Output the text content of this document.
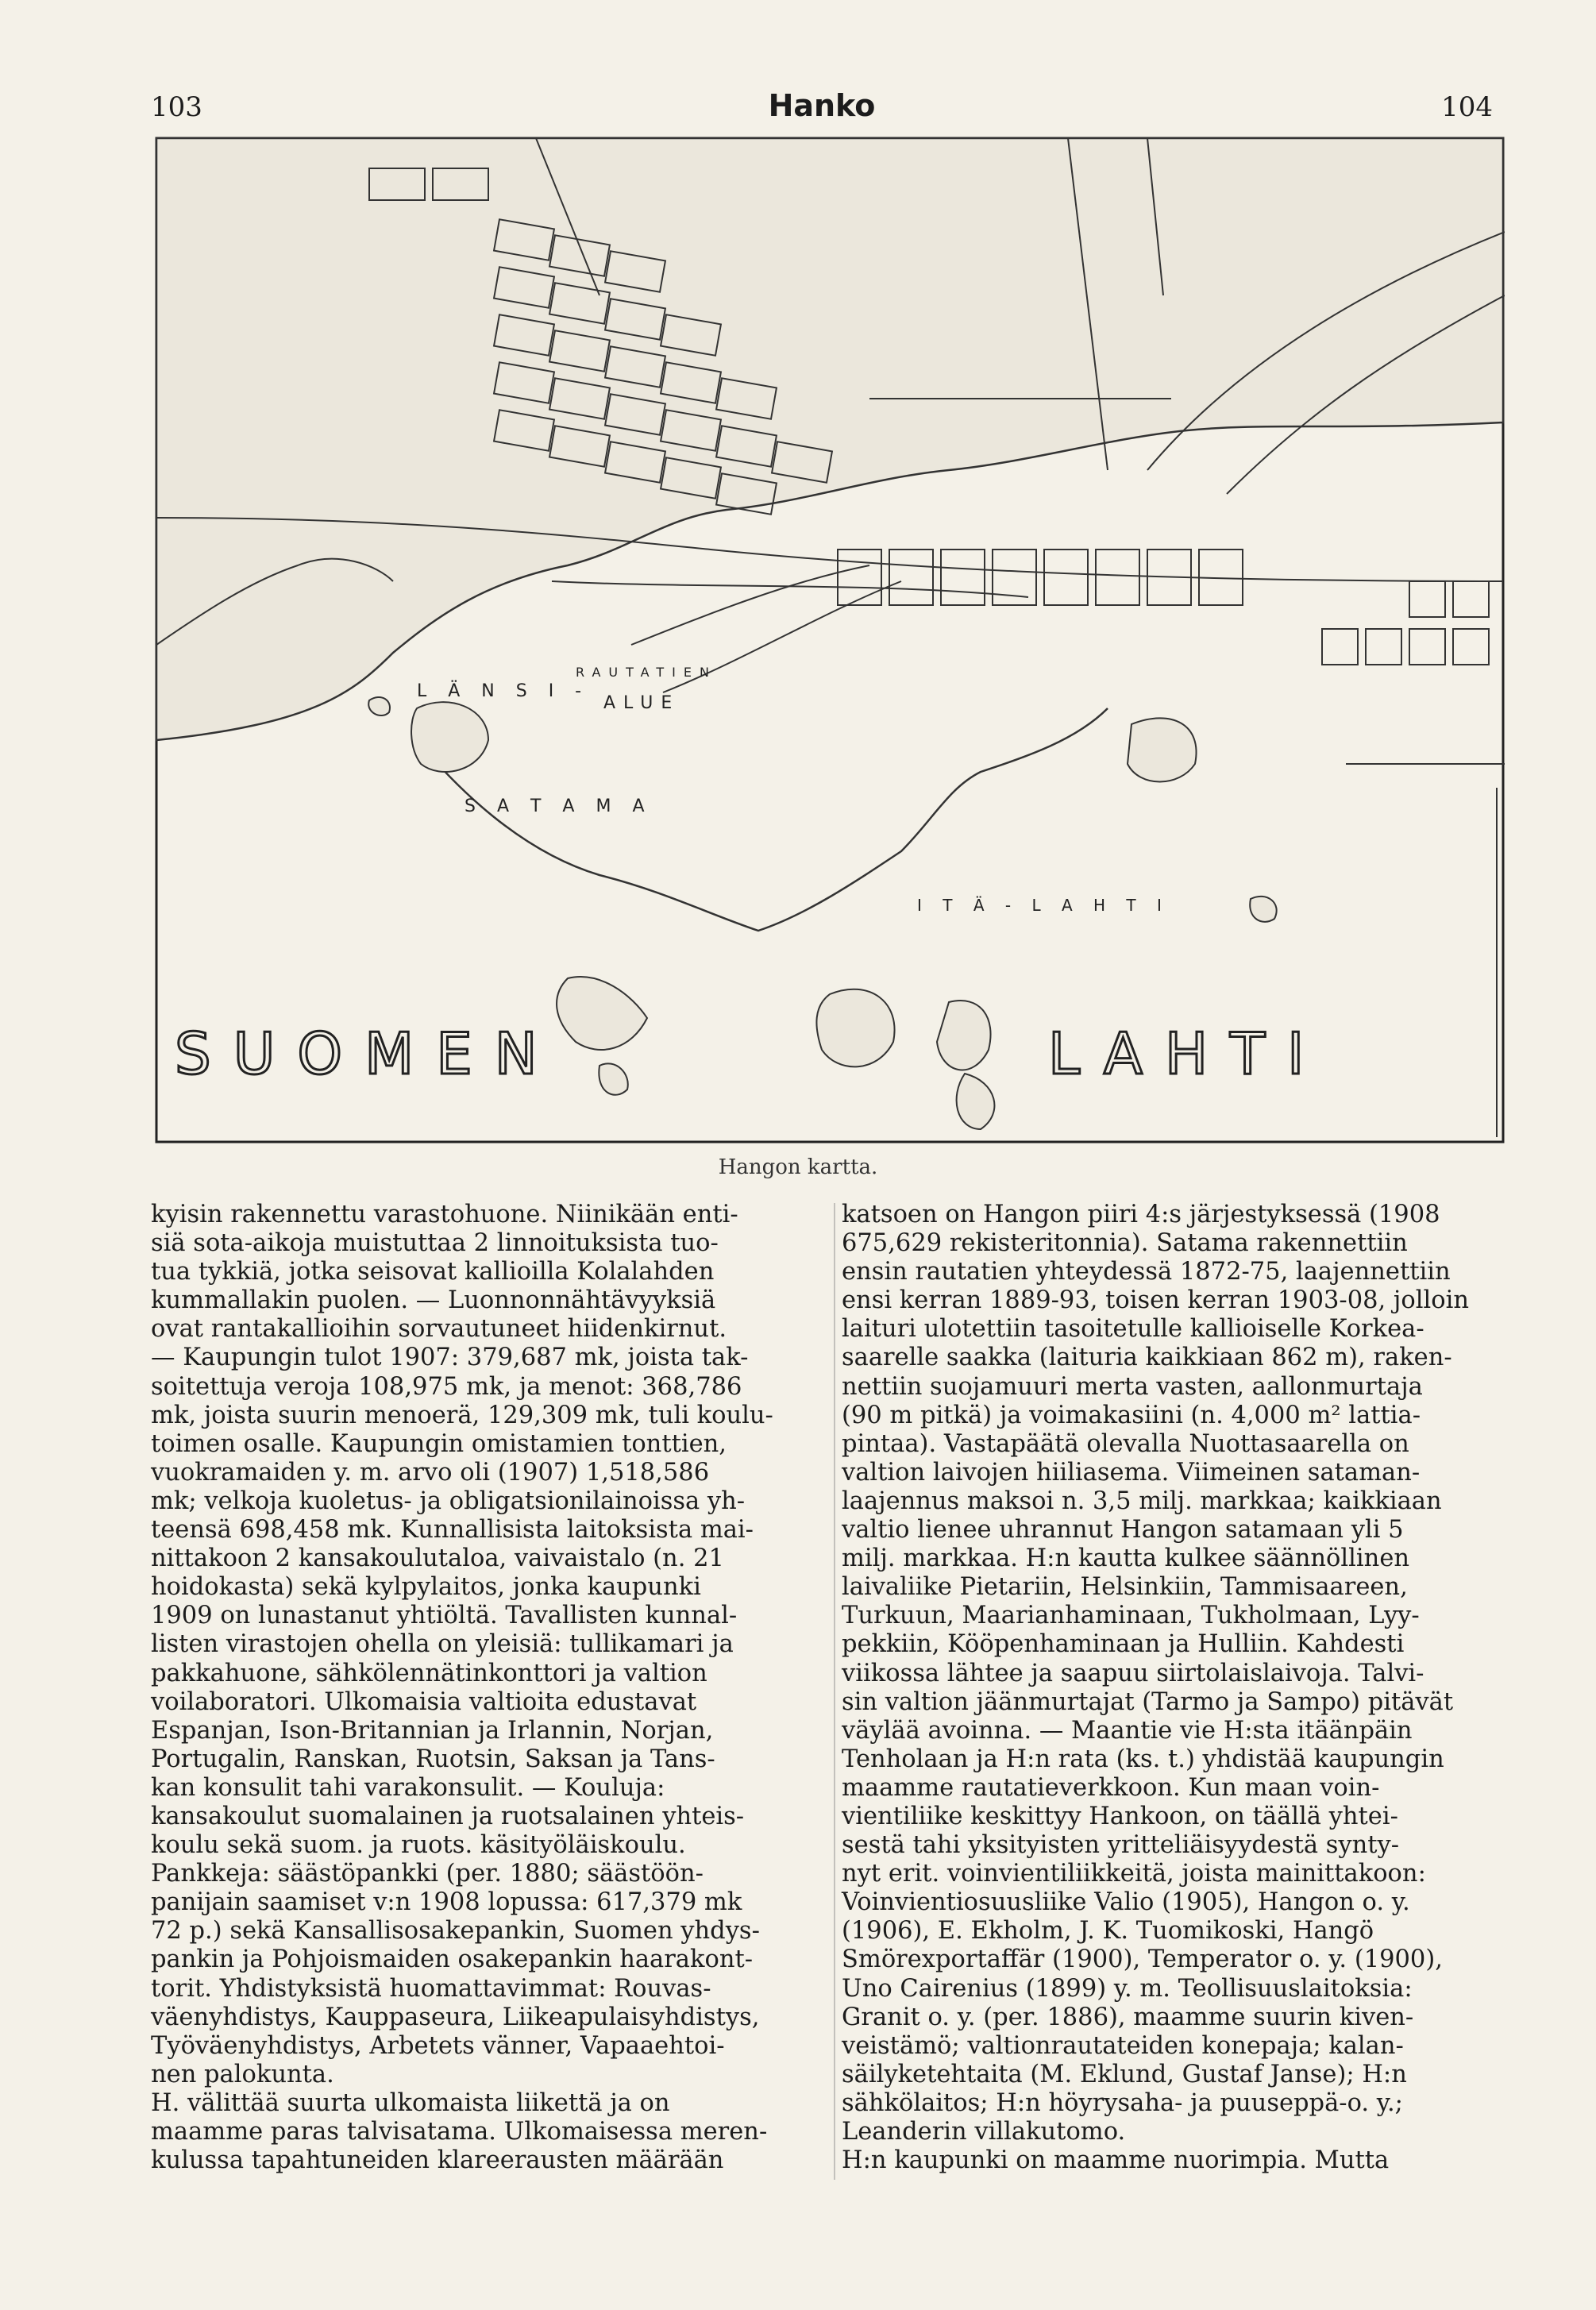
103	Hanko	104
L Ä N S I -
S A T A M A
RAUTATIEN
ALUE
I T Ä - L A H T I
SUOMEN	LAHTI
Hangon kartta.
kyisin rakennettu varastohuone. Niinikään enti-
siä sota-aikoja muistuttaa 2 linnoituksista tuo-
tua tykkiä, jotka seisovat kallioilla Kolalahden
kummallakin puolen. — Luonnonnähtävyyksiä
ovat rantakallioihin sorvautuneet hiidenkirnut.
— Kaupungin tulot 1907: 379,687 mk, joista tak-
soitettuja veroja 108,975 mk, ja menot: 368,786
mk, joista suurin menoerä, 129,309 mk, tuli koulu-
toimen osalle. Kaupungin omistamien tonttien,
vuokramaiden y. m. arvo oli (1907) 1,518,586
mk; velkoja kuoletus- ja obligatsionilainoissa yh-
teensä 698,458 mk. Kunnallisista laitoksista mai-
nittakoon 2 kansakoulutaloa, vaivaistalo (n. 21
hoidokasta) sekä kylpylaitos, jonka kaupunki
1909 on lunastanut yhtiöltä. Tavallisten kunnal-
listen virastojen ohella on yleisiä: tullikamari ja
pakkahuone, sähkölennätinkonttori ja valtion
voilaboratori. Ulkomaisia valtioita edustavat
Espanjan, Ison-Britannian ja Irlannin, Norjan,
Portugalin, Ranskan, Ruotsin, Saksan ja Tans-
kan konsulit tahi varakonsulit. — Kouluja:
kansakoulut suomalainen ja ruotsalainen yhteis-
koulu sekä suom. ja ruots. käsityöläiskoulu.
Pankkeja: säästöpankki (per. 1880; säästöön-
panijain saamiset v:n 1908 lopussa: 617,379 mk
72 p.) sekä Kansallisosakepankin, Suomen yhdys-
pankin ja Pohjoismaiden osakepankin haarakont-
torit. Yhdistyksistä huomattavimmat: Rouvas-
väenyhdistys, Kauppaseura, Liikeapulaisyhdistys,
Työväenyhdistys, Arbetets vänner, Vapaaehtoi-
nen palokunta.
H. välittää suurta ulkomaista liikettä ja on
maamme paras talvisatama. Ulkomaisessa meren-
kulussa tapahtuneiden klareerausten määrään
katsoen on Hangon piiri 4:s järjestyksessä (1908
675,629 rekisteritonnia). Satama rakennettiin
ensin rautatien yhteydessä 1872-75, laajennettiin
ensi kerran 1889-93, toisen kerran 1903-08, jolloin
laituri ulotettiin tasoitetulle kallioiselle Korkea-
saarelle saakka (laituria kaikkiaan 862 m), raken-
nettiin suojamuuri merta vasten, aallonmurtaja
(90 m pitkä) ja voimakasiini (n. 4,000 m² lattia-
pintaa). Vastapäätä olevalla Nuottasaarella on
valtion laivojen hiiliasema. Viimeinen sataman-
laajennus maksoi n. 3,5 milj. markkaa; kaikkiaan
valtio lienee uhrannut Hangon satamaan yli 5
milj. markkaa. H:n kautta kulkee säännöllinen
laivaliike Pietariin, Helsinkiin, Tammisaareen,
Turkuun, Maarianhaminaan, Tukholmaan, Lyy-
pekkiin, Kööpenhaminaan ja Hulliin. Kahdesti
viikossa lähtee ja saapuu siirtolaislaivoja. Talvi-
sin valtion jäänmurtajat (Tarmo ja Sampo) pitävät
väylää avoinna. — Maantie vie H:sta itäänpäin
Tenholaan ja H:n rata (ks. t.) yhdistää kaupungin
maamme rautatieverkkoon. Kun maan voin-
vientiliike keskittyy Hankoon, on täällä yhtei-
sestä tahi yksityisten yritteliäisyydestä synty-
nyt erit. voinvientiliikkeitä, joista mainittakoon:
Voinvientiosuusliike Valio (1905), Hangon o. y.
(1906), E. Ekholm, J. K. Tuomikoski, Hangö
Smörexportaffär (1900), Temperator o. y. (1900),
Uno Cairenius (1899) y. m. Teollisuuslaitoksia:
Granit o. y. (per. 1886), maamme suurin kiven-
veistämö; valtionrautateiden konepaja; kalan-
säilyketehtaita (M. Eklund, Gustaf Janse); H:n
sähkölaitos; H:n höyrysaha- ja puuseppä-o. y.;
Leanderin villakutomo.
H:n kaupunki on maamme nuorimpia. Mutta
